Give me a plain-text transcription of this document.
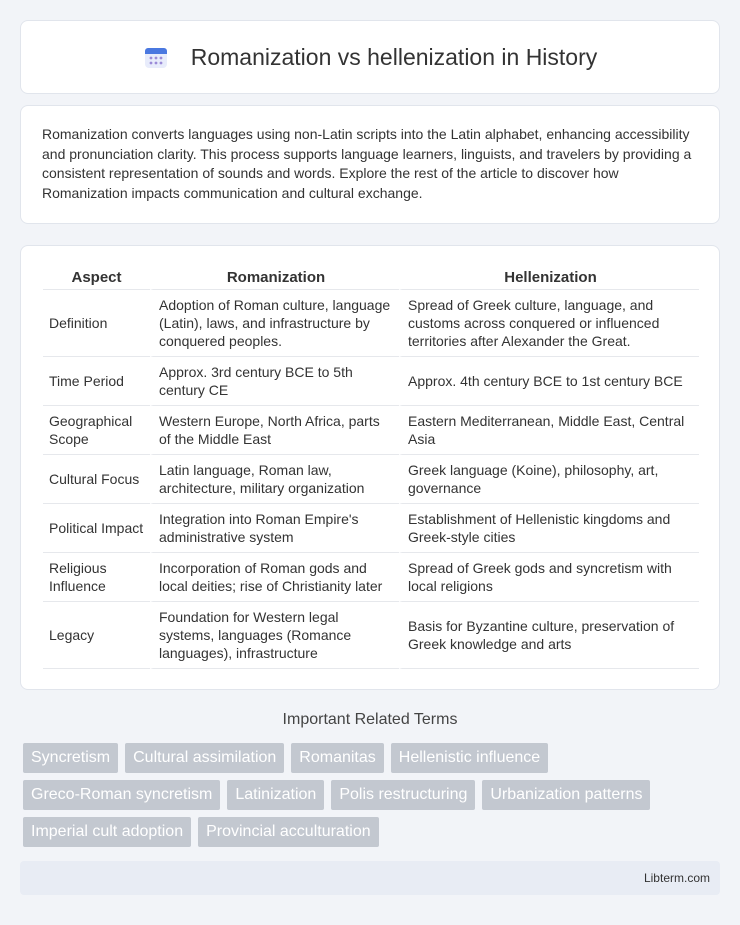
Romanization vs hellenization in History

Romanization converts languages using non-Latin scripts into the Latin alphabet, enhancing accessibility and pronunciation clarity. This process supports language learners, linguists, and travelers by providing a consistent representation of sounds and words. Explore the rest of the article to discover how Romanization impacts communication and cultural exchange.

Aspect	Romanization	Hellenization
Definition	Adoption of Roman culture, language (Latin), laws, and infrastructure by conquered peoples.	Spread of Greek culture, language, and customs across conquered or influenced territories after Alexander the Great.
Time Period	Approx. 3rd century BCE to 5th century CE	Approx. 4th century BCE to 1st century BCE
Geographical Scope	Western Europe, North Africa, parts of the Middle East	Eastern Mediterranean, Middle East, Central Asia
Cultural Focus	Latin language, Roman law, architecture, military organization	Greek language (Koine), philosophy, art, governance
Political Impact	Integration into Roman Empire's administrative system	Establishment of Hellenistic kingdoms and Greek-style cities
Religious Influence	Incorporation of Roman gods and local deities; rise of Christianity later	Spread of Greek gods and syncretism with local religions
Legacy	Foundation for Western legal systems, languages (Romance languages), infrastructure	Basis for Byzantine culture, preservation of Greek knowledge and arts
Important Related Terms
Syncretism	Cultural assimilation	Romanitas	Hellenistic influence
Greco-Roman syncretism	Latinization	Polis restructuring	Urbanization patterns
Imperial cult adoption	Provincial acculturation
Libterm.com
